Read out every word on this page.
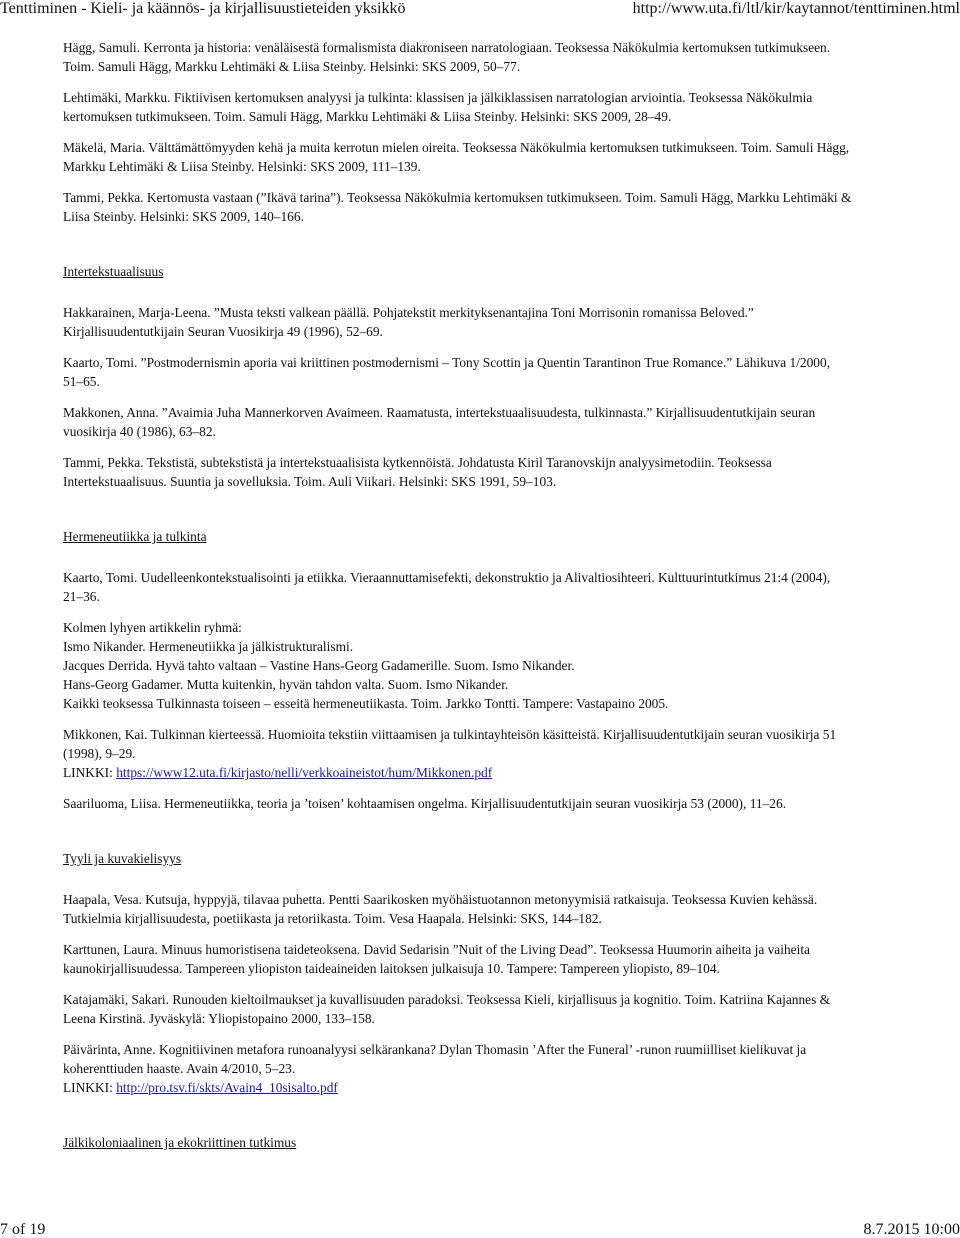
Tenttiminen - Kieli- ja käännös- ja kirjallisuustieteiden yksikkö	http://www.uta.fi/ltl/kir/kaytannot/tenttiminen.html
Hägg, Samuli. Kerronta ja historia: venäläisestä formalismista diakroniseen narratologiaan. Teoksessa Näkökulmia kertomuksen tutkimukseen.
Toim. Samuli Hägg, Markku Lehtimäki & Liisa Steinby. Helsinki: SKS 2009, 50–77.
Lehtimäki, Markku. Fiktiivisen kertomuksen analyysi ja tulkinta: klassisen ja jälkiklassisen narratologian arviointia. Teoksessa Näkökulmia
kertomuksen tutkimukseen. Toim. Samuli Hägg, Markku Lehtimäki & Liisa Steinby. Helsinki: SKS 2009, 28–49.
Mäkelä, Maria. Välttämättömyyden kehä ja muita kerrotun mielen oireita. Teoksessa Näkökulmia kertomuksen tutkimukseen. Toim. Samuli Hägg,
Markku Lehtimäki & Liisa Steinby. Helsinki: SKS 2009, 111–139.
Tammi, Pekka. Kertomusta vastaan (”Ikävä tarina”). Teoksessa Näkökulmia kertomuksen tutkimukseen. Toim. Samuli Hägg, Markku Lehtimäki &
Liisa Steinby. Helsinki: SKS 2009, 140–166.
Intertekstuaalisuus
Hakkarainen, Marja-Leena. ”Musta teksti valkean päällä. Pohjatekstit merkityksenantajina Toni Morrisonin romanissa Beloved.”
Kirjallisuudentutkijain Seuran Vuosikirja 49 (1996), 52–69.
Kaarto, Tomi. ”Postmodernismin aporia vai kriittinen postmodernismi – Tony Scottin ja Quentin Tarantinon True Romance.” Lähikuva 1/2000,
51–65.
Makkonen, Anna. ”Avaimia Juha Mannerkorven Avaimeen. Raamatusta, intertekstuaalisuudesta, tulkinnasta.” Kirjallisuudentutkijain seuran
vuosikirja 40 (1986), 63–82.
Tammi, Pekka. Tekstistä, subtekstistä ja intertekstuaalisista kytkennöistä. Johdatusta Kiril Taranovskijn analyysimetodiin. Teoksessa
Intertekstuaalisuus. Suuntia ja sovelluksia. Toim. Auli Viikari. Helsinki: SKS 1991, 59–103.
Hermeneutiikka ja tulkinta
Kaarto, Tomi. Uudelleenkontekstualisointi ja etiikka. Vieraannuttamisefekti, dekonstruktio ja Alivaltiosihteeri. Kulttuurintutkimus 21:4 (2004),
21–36.
Kolmen lyhyen artikkelin ryhmä:
Ismo Nikander. Hermeneutiikka ja jälkistrukturalismi.
Jacques Derrida. Hyvä tahto valtaan – Vastine Hans-Georg Gadamerille. Suom. Ismo Nikander.
Hans-Georg Gadamer. Mutta kuitenkin, hyvän tahdon valta. Suom. Ismo Nikander.
Kaikki teoksessa Tulkinnasta toiseen – esseitä hermeneutiikasta. Toim. Jarkko Tontti. Tampere: Vastapaino 2005.
Mikkonen, Kai. Tulkinnan kierteessä. Huomioita tekstiin viittaamisen ja tulkintayhteisön käsitteistä. Kirjallisuudentutkijain seuran vuosikirja 51
(1998), 9–29.
LINKKI: https://www12.uta.fi/kirjasto/nelli/verkkoaineistot/hum/Mikkonen.pdf
Saariluoma, Liisa. Hermeneutiikka, teoria ja ’toisen’ kohtaamisen ongelma. Kirjallisuudentutkijain seuran vuosikirja 53 (2000), 11–26.
Tyyli ja kuvakielisyys
Haapala, Vesa. Kutsuja, hyppyjä, tilavaa puhetta. Pentti Saarikosken myöhäistuotannon metonyymisiä ratkaisuja. Teoksessa Kuvien kehässä.
Tutkielmia kirjallisuudesta, poetiikasta ja retoriikasta. Toim. Vesa Haapala. Helsinki: SKS, 144–182.
Karttunen, Laura. Minuus humoristisena taideteoksena. David Sedarisin ”Nuit of the Living Dead”. Teoksessa Huumorin aiheita ja vaiheita
kaunokirjallisuudessa. Tampereen yliopiston taideaineiden laitoksen julkaisuja 10. Tampere: Tampereen yliopisto, 89–104.
Katajamäki, Sakari. Runouden kieltoilmaukset ja kuvallisuuden paradoksi. Teoksessa Kieli, kirjallisuus ja kognitio. Toim. Katriina Kajannes &
Leena Kirstinä. Jyväskylä: Yliopistopaino 2000, 133–158.
Päivärinta, Anne. Kognitiivinen metafora runoanalyysi selkärankana? Dylan Thomasin ’After the Funeral’ -runon ruumiilliset kielikuvat ja
koherenttiuden haaste. Avain 4/2010, 5–23.
LINKKI: http://pro.tsv.fi/skts/Avain4_10sisalto.pdf
Jälkikoloniaalinen ja ekokriittinen tutkimus
7 of 19	8.7.2015 10:00
